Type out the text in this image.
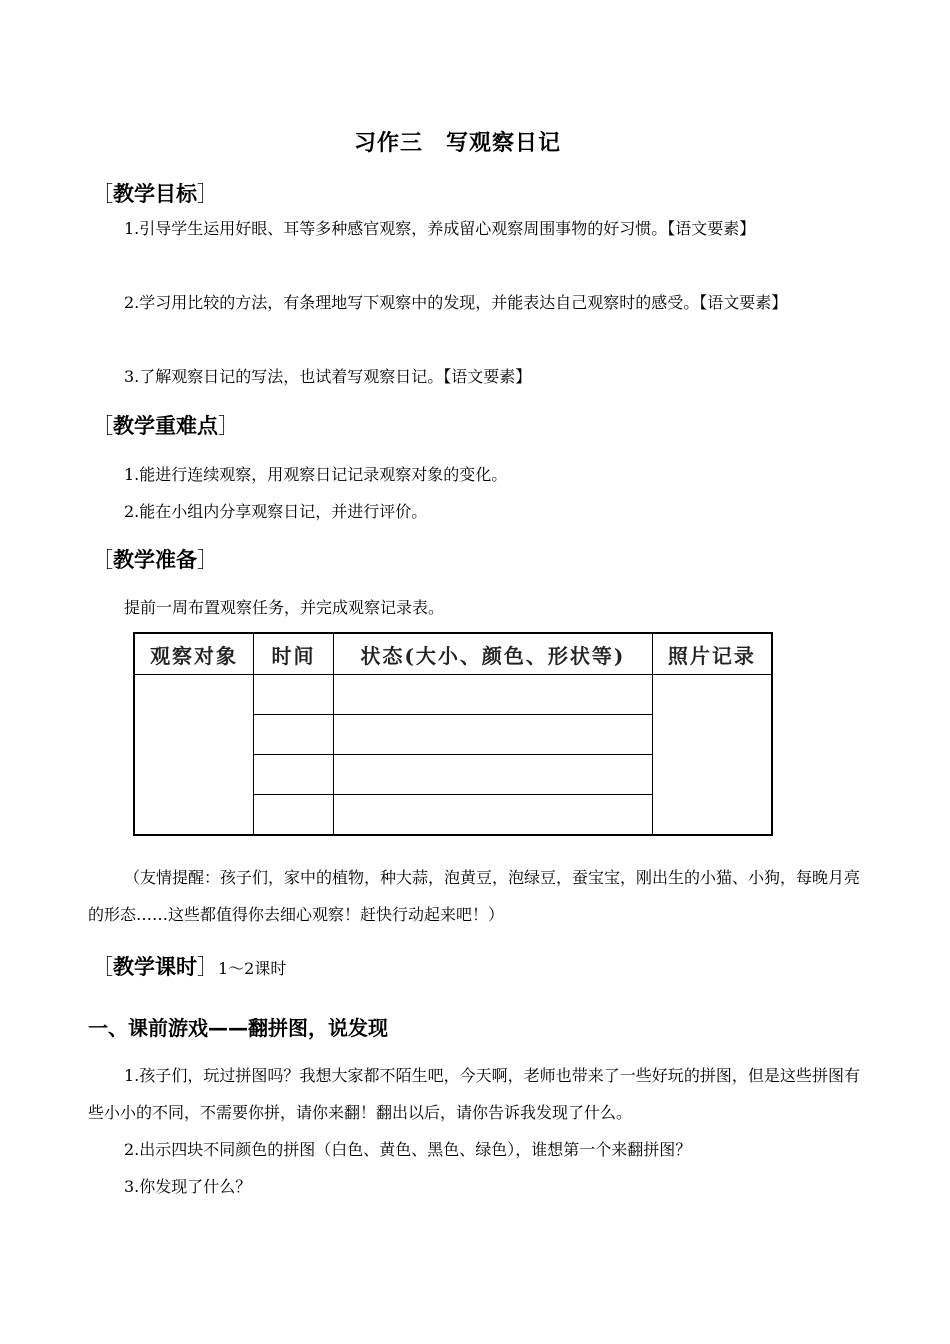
习作三　写观察日记
［教学目标］
1.引导学生运用好眼、耳等多种感官观察，养成留心观察周围事物的好习惯。【语文要素】
2.学习用比较的方法，有条理地写下观察中的发现，并能表达自己观察时的感受。【语文要素】
3.了解观察日记的写法，也试着写观察日记。【语文要素】
［教学重难点］
1.能进行连续观察，用观察日记记录观察对象的变化。
2.能在小组内分享观察日记，并进行评价。
［教学准备］
提前一周布置观察任务，并完成观察记录表。
观察对象	时间	状态(大小、颜色、形状等)	照片记录

（友情提醒：孩子们，家中的植物，种大蒜，泡黄豆，泡绿豆，蚕宝宝，刚出生的小猫、小狗，每晚月亮的形态……这些都值得你去细心观察！赶快行动起来吧！）
［教学课时］1～2课时
一、课前游戏——翻拼图，说发现
1.孩子们，玩过拼图吗？我想大家都不陌生吧，今天啊，老师也带来了一些好玩的拼图，但是这些拼图有些小小的不同，不需要你拼，请你来翻！翻出以后，请你告诉我发现了什么。
2.出示四块不同颜色的拼图（白色、黄色、黑色、绿色），谁想第一个来翻拼图？
3.你发现了什么？
